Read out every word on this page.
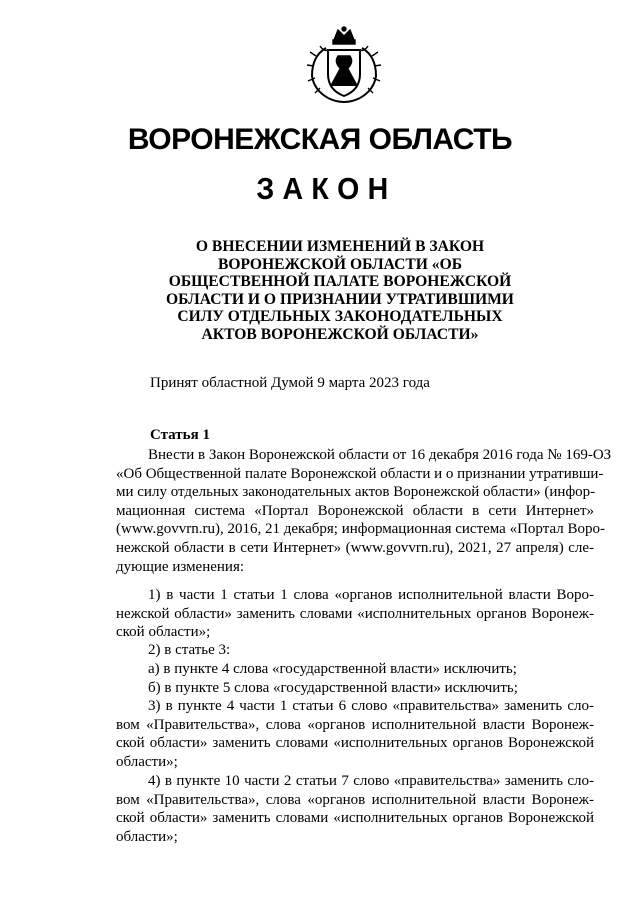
ВОРОНЕЖСКАЯ ОБЛАСТЬ
ЗАКОН
О ВНЕСЕНИИ ИЗМЕНЕНИЙ В ЗАКОН
ВОРОНЕЖСКОЙ ОБЛАСТИ «ОБ
ОБЩЕСТВЕННОЙ ПАЛАТЕ ВОРОНЕЖСКОЙ
ОБЛАСТИ И О ПРИЗНАНИИ УТРАТИВШИМИ
СИЛУ ОТДЕЛЬНЫХ ЗАКОНОДАТЕЛЬНЫХ
АКТОВ ВОРОНЕЖСКОЙ ОБЛАСТИ»
Принят областной Думой 9 марта 2023 года
Статья 1
Внести в Закон Воронежской области от 16 декабря 2016 года № 169-ОЗ
«Об Общественной палате Воронежской области и о признании утративши-
ми силу отдельных законодательных актов Воронежской области» (инфор-
мационная система «Портал Воронежской области в сети Интернет»
(www.govvrn.ru), 2016, 21 декабря; информационная система «Портал Воро-
нежской области в сети Интернет» (www.govvrn.ru), 2021, 27 апреля) сле-
дующие изменения:
1) в части 1 статьи 1 слова «органов исполнительной власти Воро-
нежской области» заменить словами «исполнительных органов Воронеж-
ской области»;
2) в статье 3:
а) в пункте 4 слова «государственной власти» исключить;
б) в пункте 5 слова «государственной власти» исключить;
3) в пункте 4 части 1 статьи 6 слово «правительства» заменить сло-
вом «Правительства», слова «органов исполнительной власти Воронеж-
ской области» заменить словами «исполнительных органов Воронежской
области»;
4) в пункте 10 части 2 статьи 7 слово «правительства» заменить сло-
вом «Правительства», слова «органов исполнительной власти Воронеж-
ской области» заменить словами «исполнительных органов Воронежской
области»;
